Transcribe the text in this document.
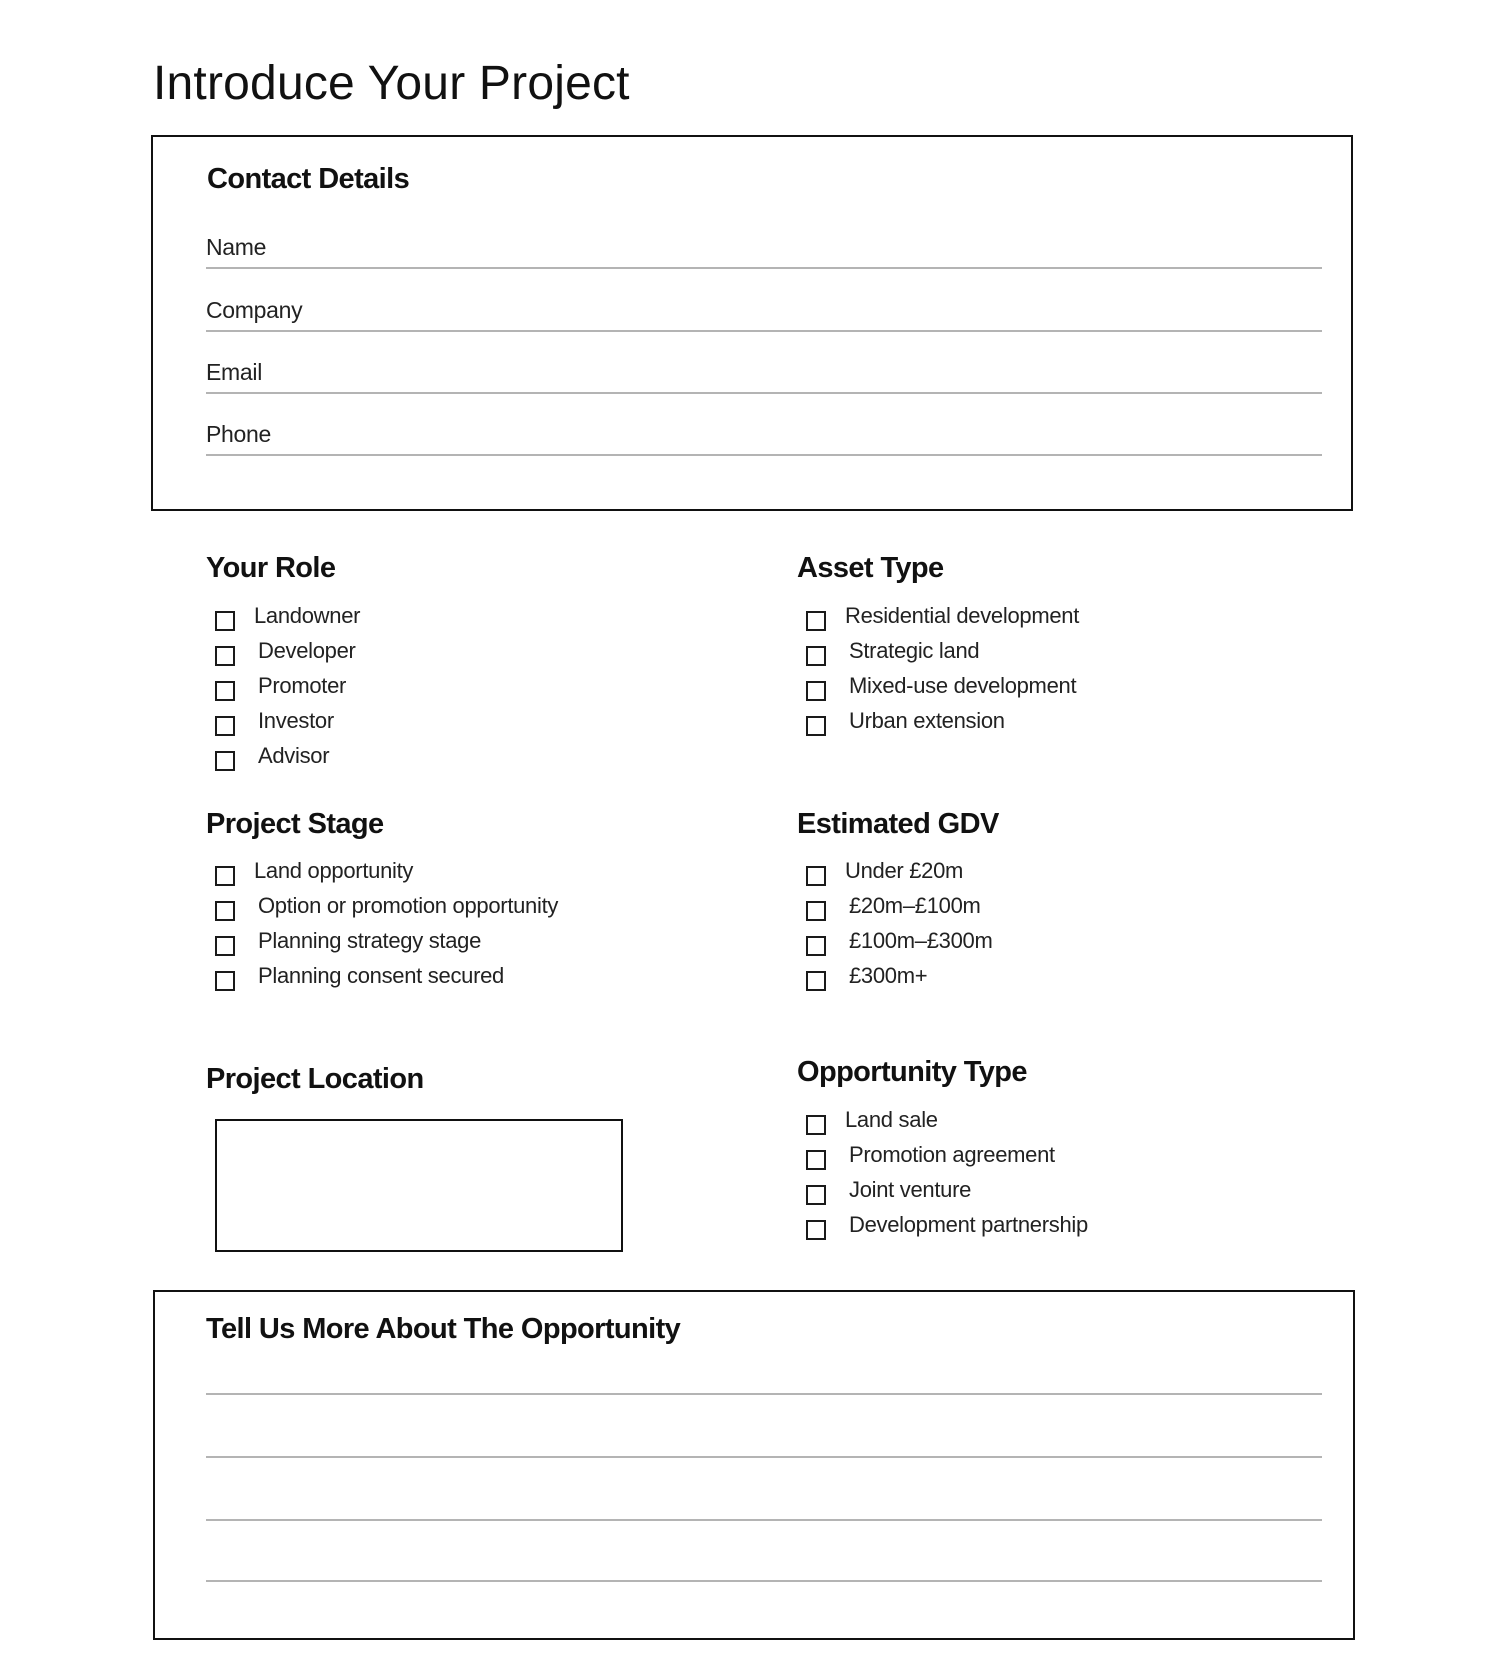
Introduce Your Project
Contact Details
Name
Company
Email
Phone
Your Role
Landowner
Developer
Promoter
Investor
Advisor
Asset Type
Residential development
Strategic land
Mixed-use development
Urban extension
Project Stage
Land opportunity
Option or promotion opportunity
Planning strategy stage
Planning consent secured
Estimated GDV
Under £20m
£20m–£100m
£100m–£300m
£300m+
Project Location	Opportunity Type
Land sale
Promotion agreement
Joint venture
Development partnership
Tell Us More About The Opportunity
